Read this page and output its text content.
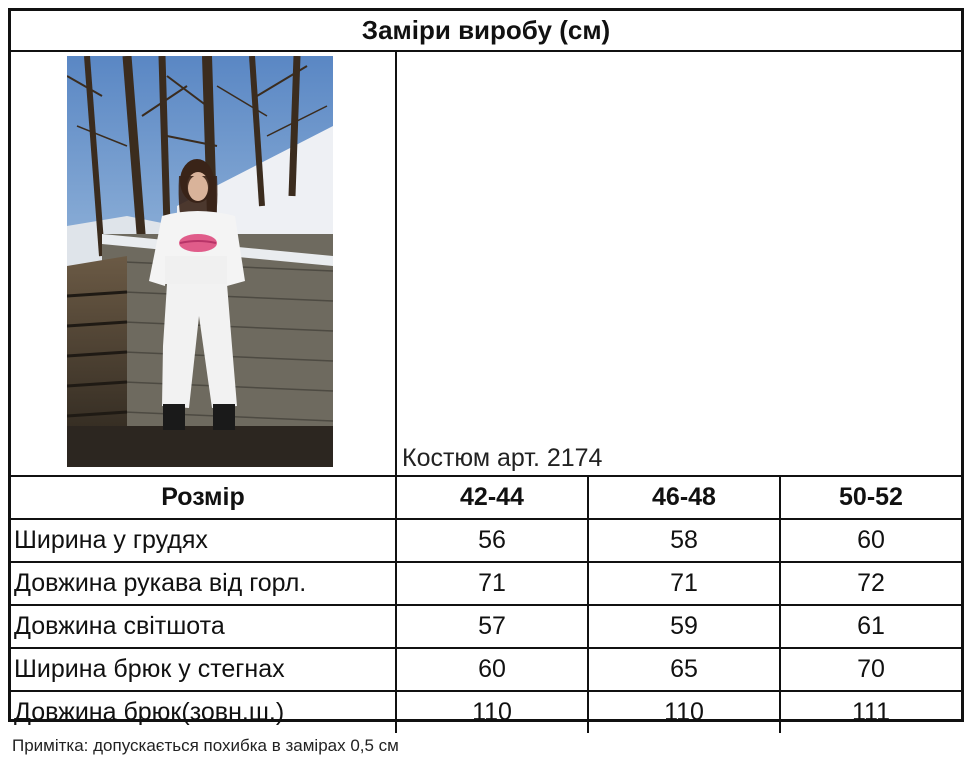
Заміри виробу (см)
Костюм арт. 2174
Розмір	42-44	46-48	50-52
Ширина у грудях	56	58	60
Довжина рукава від горл.	71	71	72
Довжина світшота	57	59	61
Ширина брюк у стегнах	60	65	70
Довжина брюк(зовн.ш.)	110	110	111
Примітка: допускається похибка в замірах 0,5 см
